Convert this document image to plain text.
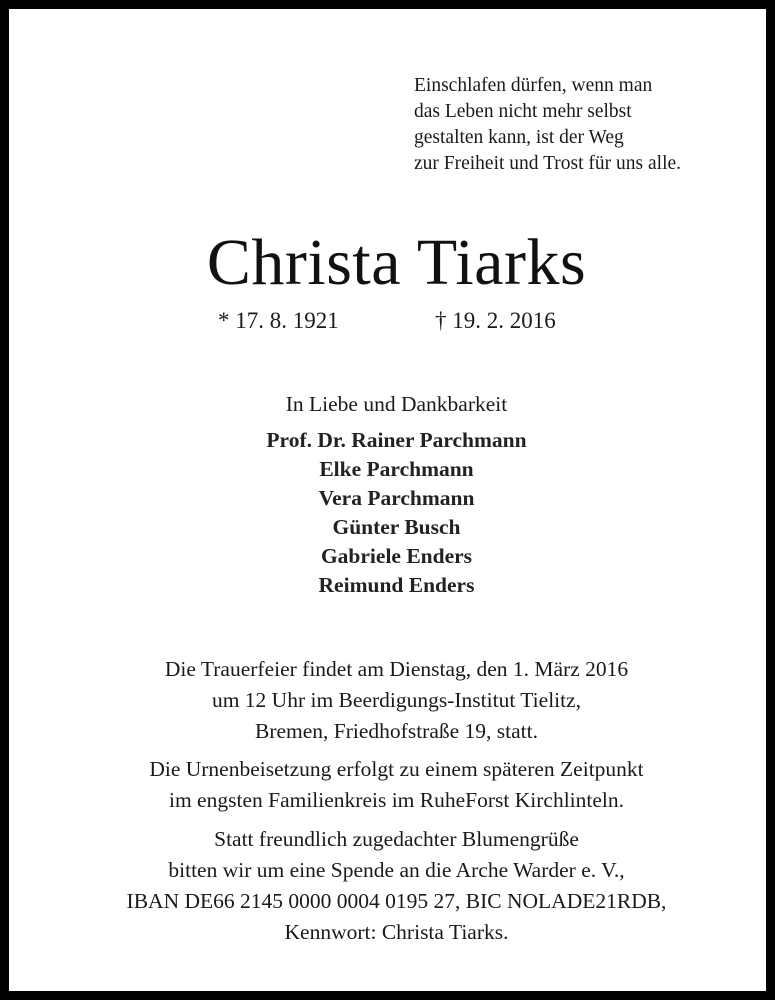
Einschlafen dürfen, wenn man
das Leben nicht mehr selbst
gestalten kann, ist der Weg
zur Freiheit und Trost für uns alle.
Christa Tiarks
* 17. 8. 1921	† 19. 2. 2016
In Liebe und Dankbarkeit
Prof. Dr. Rainer Parchmann
Elke Parchmann
Vera Parchmann
Günter Busch
Gabriele Enders
Reimund Enders
Die Trauerfeier findet am Dienstag, den 1. März 2016
um 12 Uhr im Beerdigungs-Institut Tielitz,
Bremen, Friedhofstraße 19, statt.
Die Urnenbeisetzung erfolgt zu einem späteren Zeitpunkt
im engsten Familienkreis im RuheForst Kirchlinteln.
Statt freundlich zugedachter Blumengrüße
bitten wir um eine Spende an die Arche Warder e. V.,
IBAN DE66 2145 0000 0004 0195 27, BIC NOLADE21RDB,
Kennwort: Christa Tiarks.
